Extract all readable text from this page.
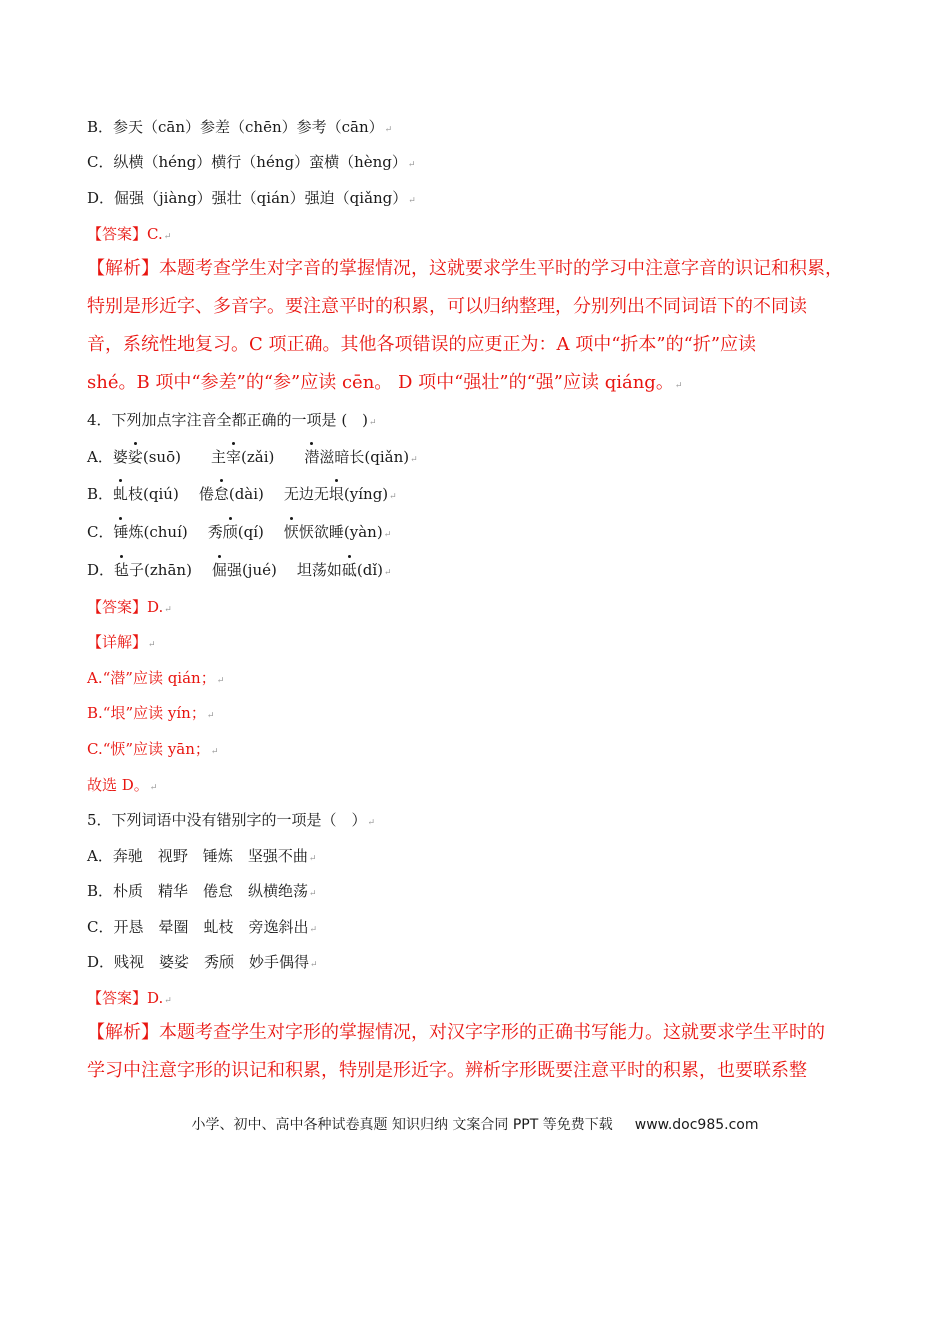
B．参天（cān）参差（chēn）参考（cān）↵
C．纵横（héng）横行（héng）蛮横（hèng）↵
D．倔强（jiàng）强壮（qián）强迫（qiǎng）↵
【答案】C.↵
【解析】本题考查学生对字音的掌握情况，这就要求学生平时的学习中注意字音的识记和积累，
特别是形近字、多音字。要注意平时的积累，可以归纳整理，分别列出不同词语下的不同读
音，系统性地复习。C 项正确。其他各项错误的应更正为：A 项中“折本”的“折”应读
shé。B 项中“参差”的“参”应读 cēn。 D 项中“强壮”的“强”应读 qiáng。↵
4．下列加点字注音全都正确的一项是 (　)↵
A．婆娑(suō) 主宰(zǎi) 潜滋暗长(qiǎn)↵
B．虬枝(qiú) 倦怠(dài) 无边无垠(yíng)↵
C．锤炼(chuí) 秀颀(qí) 恹恹欲睡(yàn)↵
D．毡子(zhān) 倔强(jué) 坦荡如砥(dǐ)↵
【答案】D.↵
【详解】↵
A.“潜”应读 qián；↵
B.“垠”应读 yín；↵
C.“恹”应读 yān；↵
故选 D。↵
5．下列词语中没有错别字的一项是（　）↵
A．奔驰　视野　锤炼　坚强不曲↵
B．朴质　精华　倦怠　纵横绝荡↵
C．开恳　晕圈　虬枝　旁逸斜出↵
D．贱视　婆娑　秀颀　妙手偶得↵
【答案】D.↵
【解析】本题考查学生对字形的掌握情况，对汉字字形的正确书写能力。这就要求学生平时的
学习中注意字形的识记和积累，特别是形近字。辨析字形既要注意平时的积累，也要联系整
小学、初中、高中各种试卷真题 知识归纳 文案合同 PPT 等免费下载 www.doc985.com
